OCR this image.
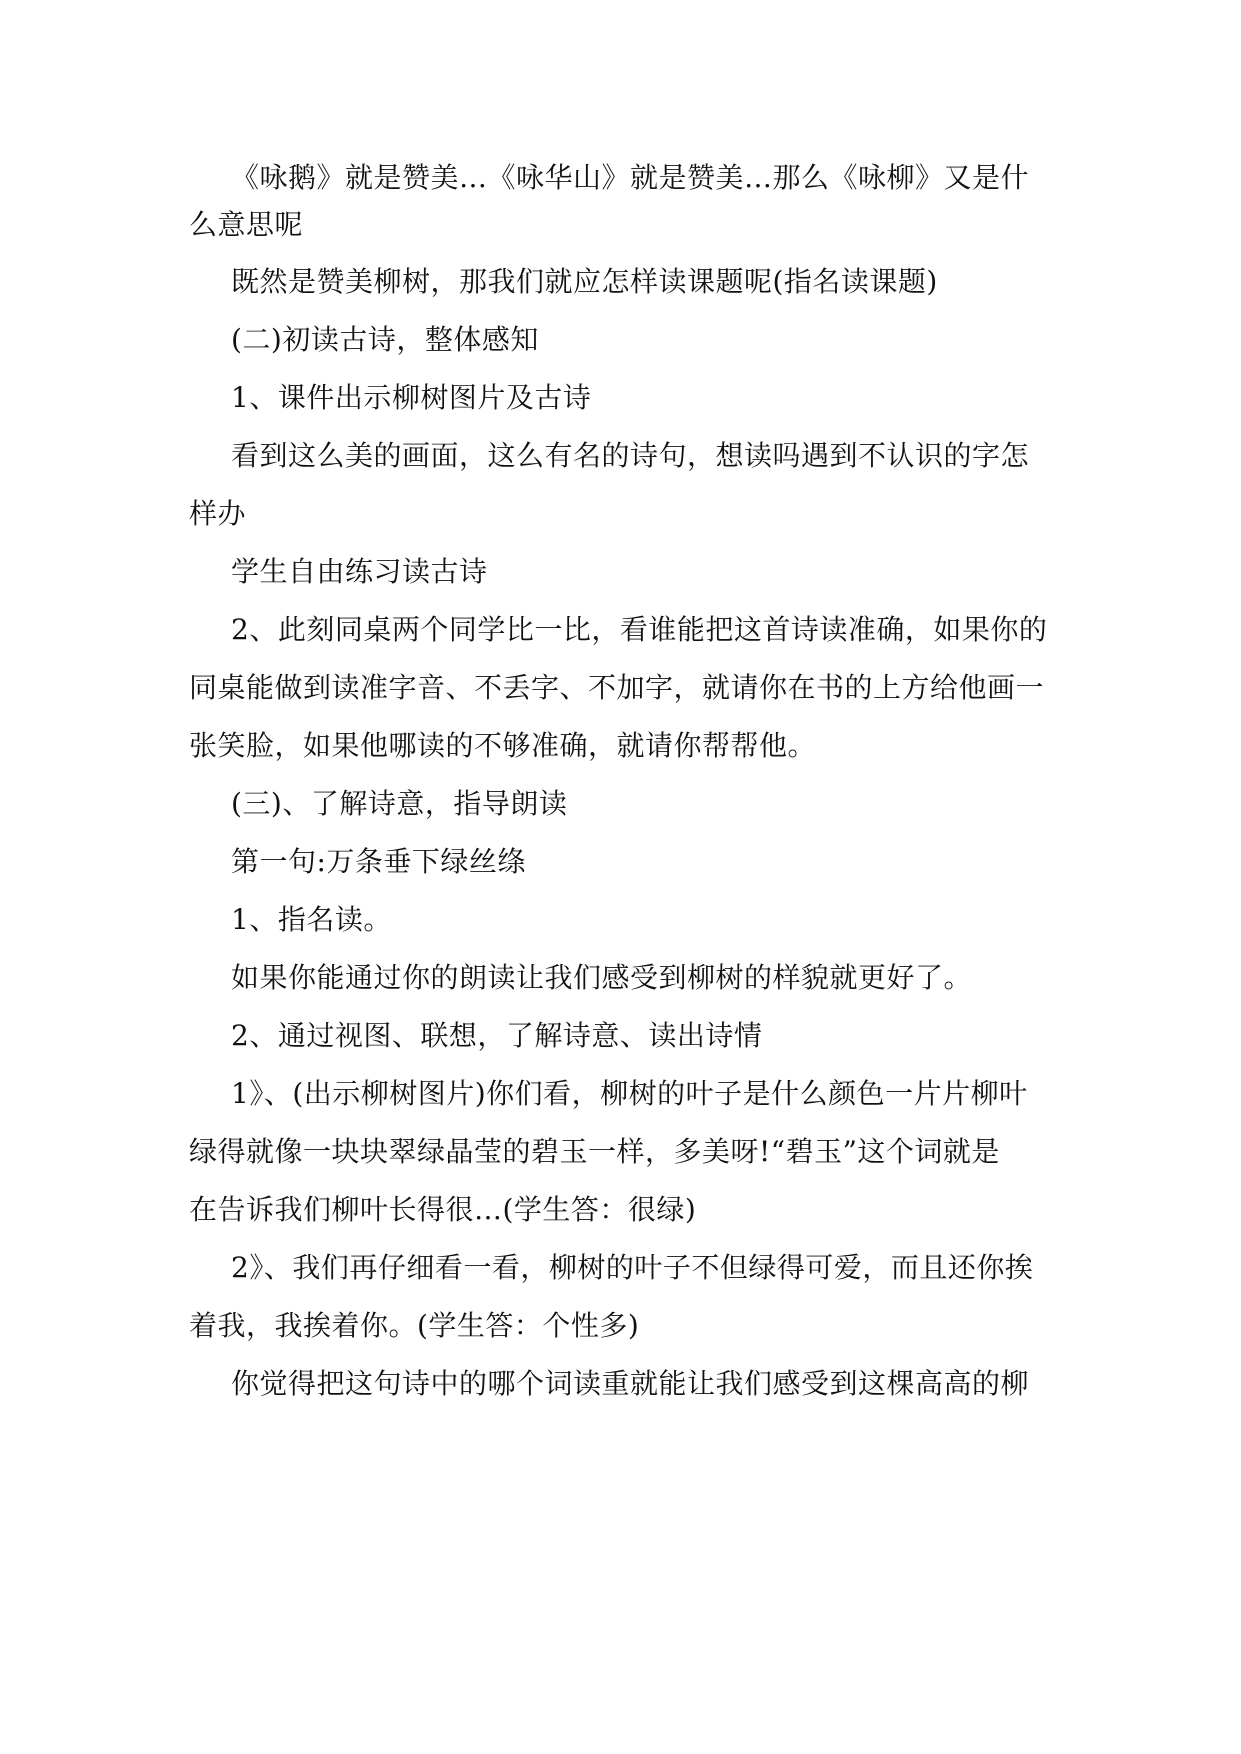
《咏鹅》就是赞美…《咏华山》就是赞美…那么《咏柳》又是什
么意思呢
既然是赞美柳树，那我们就应怎样读课题呢(指名读课题)
(二)初读古诗，整体感知
1、课件出示柳树图片及古诗
看到这么美的画面，这么有名的诗句，想读吗遇到不认识的字怎
样办
学生自由练习读古诗
2、此刻同桌两个同学比一比，看谁能把这首诗读准确，如果你的
同桌能做到读准字音、不丢字、不加字，就请你在书的上方给他画一
张笑脸，如果他哪读的不够准确，就请你帮帮他。
(三)、了解诗意，指导朗读
第一句:万条垂下绿丝绦
1、指名读。
如果你能通过你的朗读让我们感受到柳树的样貌就更好了。
2、通过视图、联想，了解诗意、读出诗情
1》、(出示柳树图片)你们看，柳树的叶子是什么颜色一片片柳叶
绿得就像一块块翠绿晶莹的碧玉一样，多美呀!“碧玉”这个词就是
在告诉我们柳叶长得很…(学生答：很绿)
2》、我们再仔细看一看，柳树的叶子不但绿得可爱，而且还你挨
着我，我挨着你。(学生答：个性多)
你觉得把这句诗中的哪个词读重就能让我们感受到这棵高高的柳
